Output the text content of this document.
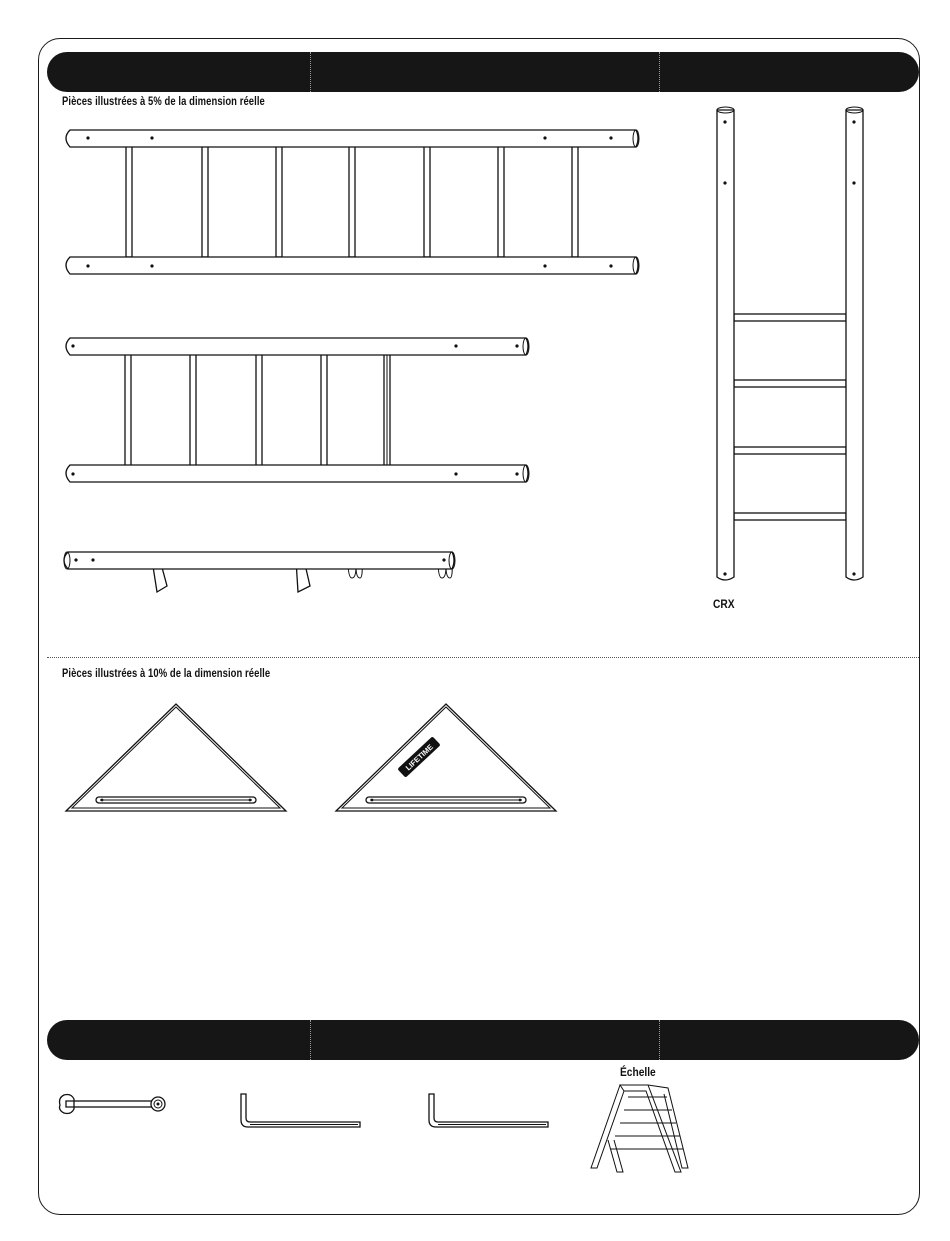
Pièces illustrées à 5% de la dimension réelle
Pièces illustrées à 10% de la dimension réelle
Échelle
CRX
LIFETIME
